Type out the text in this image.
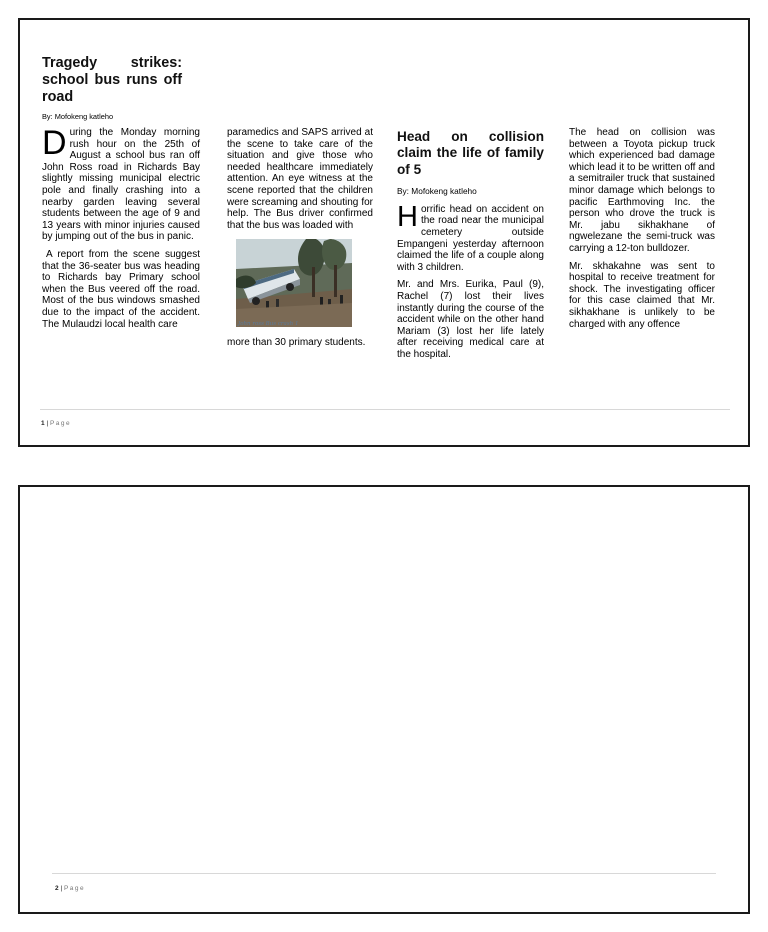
Tragedy strikes: school bus runs off road

By: Mofokeng katleho

During the Monday morning rush hour on the 25th of August a school bus ran off John Ross road in Richards Bay slightly missing municipal electric pole and finally crashing into a nearby garden leaving several students between the age of 9 and 13 years with minor injuries caused by jumping out of the bus in panic.

A report from the scene suggest that the 36-seater bus was heading to Richards bay Primary school when the Bus veered off the road. Most of the bus windows smashed due to the impact of the accident. The Mulaudzi local health care

paramedics and SAPS arrived at the scene to take care of the situation and give those who needed healthcare immediately attention. An eye witness at the scene reported that the children were screaming and shouting for help. The Bus driver confirmed that the bus was loaded with

John ross Bus crash 1

more than 30 primary students.

Head on collision claim the life of family of 5

By: Mofokeng katleho

Horrific head on accident on the road near the municipal cemetery outside Empangeni yesterday afternoon claimed the life of a couple along with 3 children.

Mr. and Mrs. Eurika, Paul (9), Rachel (7) lost their lives instantly during the course of the accident while on the other hand Mariam (3) lost her life lately after receiving medical care at the hospital.

The head on collision was between a Toyota pickup truck which experienced bad damage which lead it to be written off and a semitrailer truck that sustained minor damage which belongs to pacific Earthmoving Inc. the person who drove the truck is Mr. jabu sikhakhane of ngwelezane the semi-truck was carrying a 12-ton bulldozer.

Mr. skhakahne was sent to hospital to receive treatment for shock. The investigating officer for this case claimed that Mr. sikhakhane is unlikely to be charged with any offence

1 | Page
2 | Page
